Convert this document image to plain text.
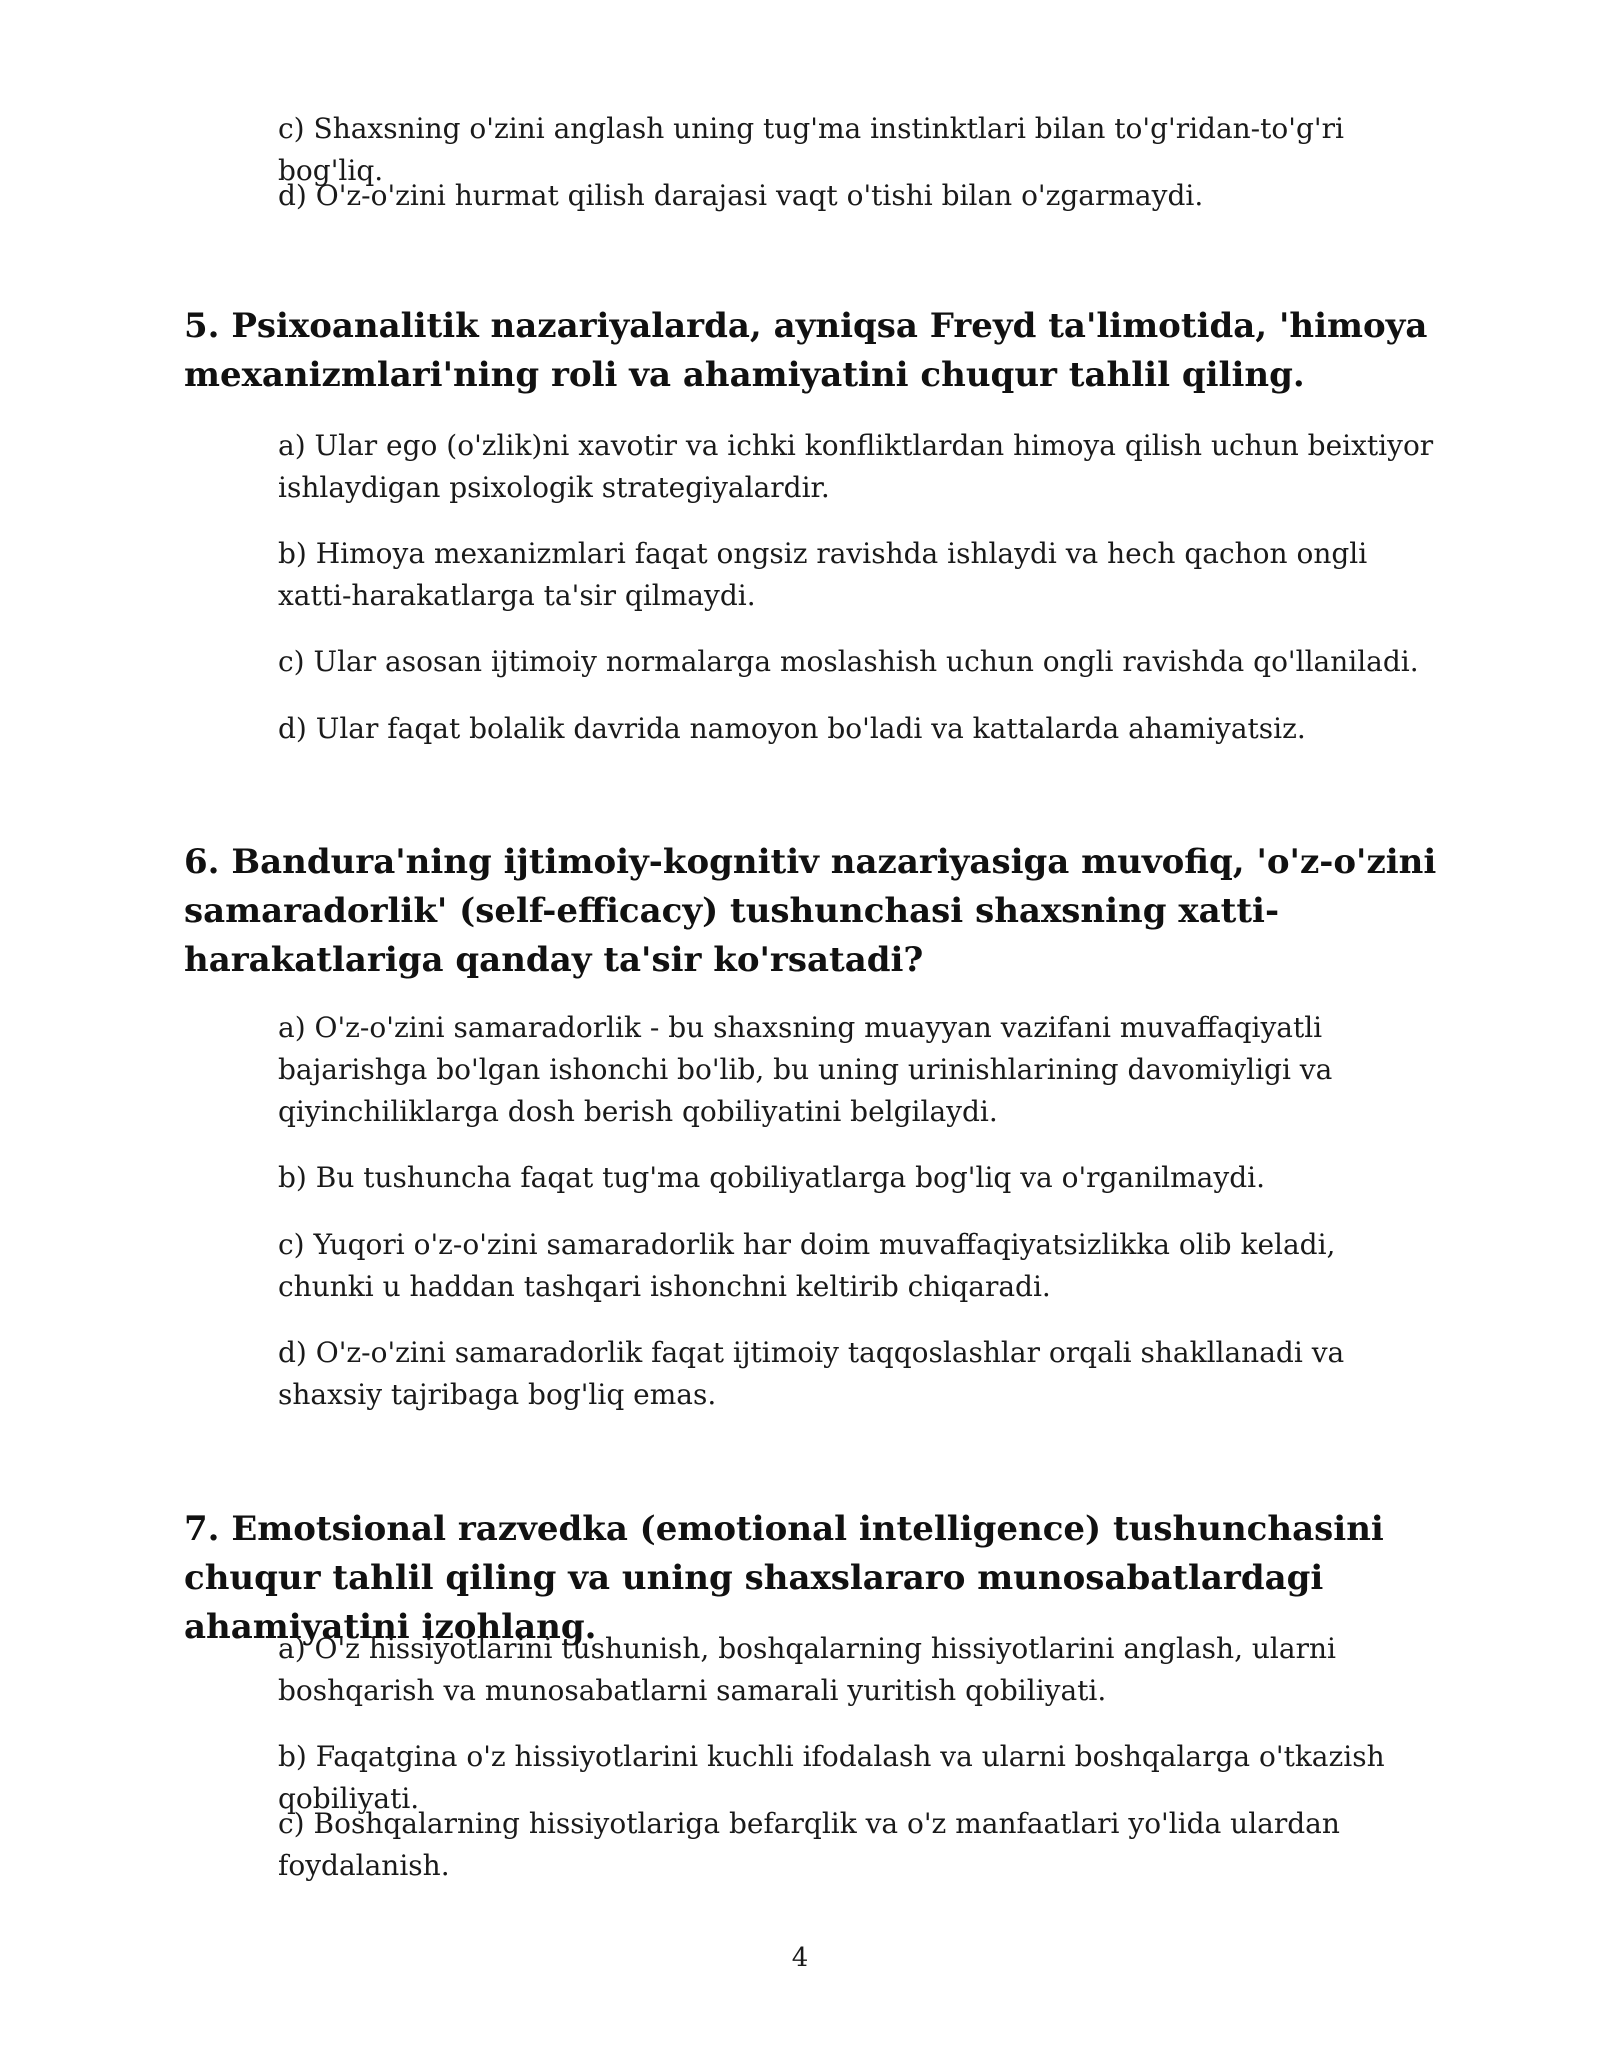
c) Shaxsning o'zini anglash uning tug'ma instinktlari bilan to'g'ridan-to'g'ri bog'liq.

d) O'z-o'zini hurmat qilish darajasi vaqt o'tishi bilan o'zgarmaydi.

5. Psixoanalitik nazariyalarda, ayniqsa Freyd ta'limotida, 'himoya mexanizmlari'ning roli va ahamiyatini chuqur tahlil qiling.

a) Ular ego (o'zlik)ni xavotir va ichki konfliktlardan himoya qilish uchun beixtiyor ishlaydigan psixologik strategiyalardir.

b) Himoya mexanizmlari faqat ongsiz ravishda ishlaydi va hech qachon ongli xatti-harakatlarga ta'sir qilmaydi.

c) Ular asosan ijtimoiy normalarga moslashish uchun ongli ravishda qo'llaniladi.

d) Ular faqat bolalik davrida namoyon bo'ladi va kattalarda ahamiyatsiz.

6. Bandura'ning ijtimoiy-kognitiv nazariyasiga muvofiq, 'o'z-o'zini samaradorlik' (self-efficacy) tushunchasi shaxsning xatti-harakatlariga qanday ta'sir ko'rsatadi?

a) O'z-o'zini samaradorlik - bu shaxsning muayyan vazifani muvaffaqiyatli bajarishga bo'lgan ishonchi bo'lib, bu uning urinishlarining davomiyligi va qiyinchiliklarga dosh berish qobiliyatini belgilaydi.

b) Bu tushuncha faqat tug'ma qobiliyatlarga bog'liq va o'rganilmaydi.

c) Yuqori o'z-o'zini samaradorlik har doim muvaffaqiyatsizlikka olib keladi, chunki u haddan tashqari ishonchni keltirib chiqaradi.

d) O'z-o'zini samaradorlik faqat ijtimoiy taqqoslashlar orqali shakllanadi va shaxsiy tajribaga bog'liq emas.

7. Emotsional razvedka (emotional intelligence) tushunchasini chuqur tahlil qiling va uning shaxslararo munosabatlardagi ahamiyatini izohlang.

a) O'z hissiyotlarini tushunish, boshqalarning hissiyotlarini anglash, ularni boshqarish va munosabatlarni samarali yuritish qobiliyati.

b) Faqatgina o'z hissiyotlarini kuchli ifodalash va ularni boshqalarga o'tkazish qobiliyati.

c) Boshqalarning hissiyotlariga befarqlik va o'z manfaatlari yo'lida ulardan foydalanish.

4
